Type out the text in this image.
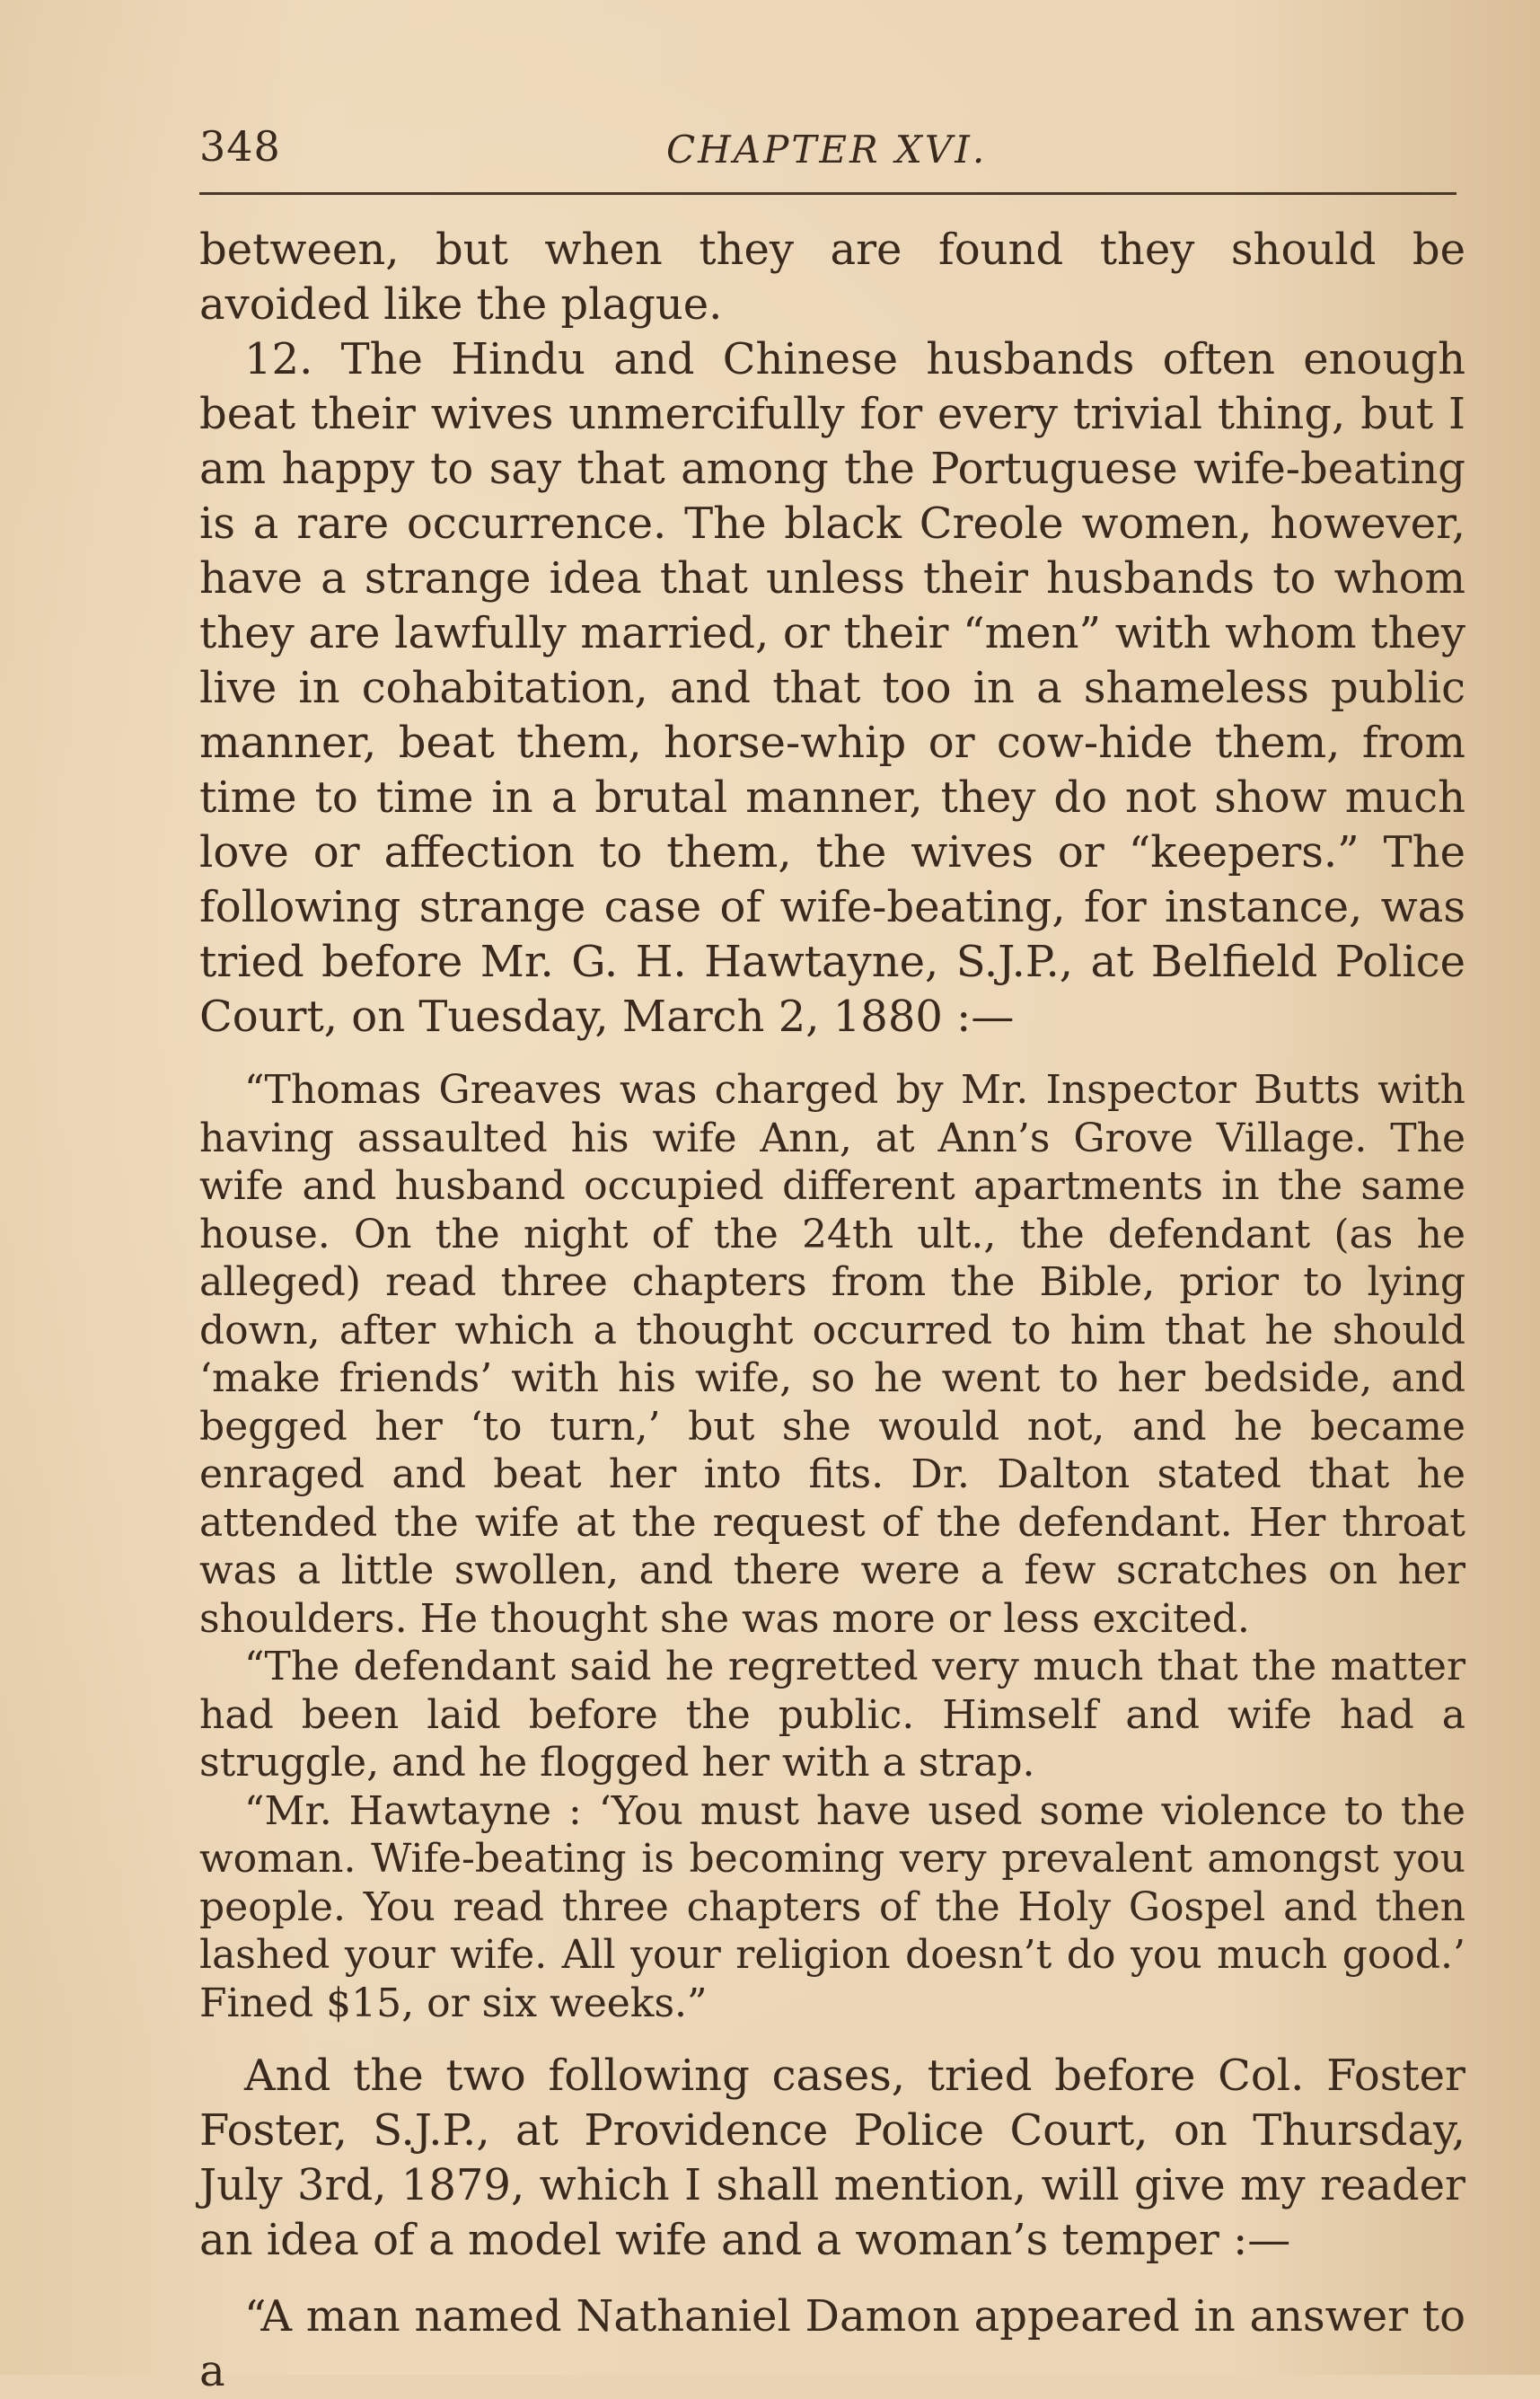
348	CHAPTER XVI.

between, but when they are found they should be avoided like the plague.

12. The Hindu and Chinese husbands often enough beat their wives unmercifully for every trivial thing, but I am happy to say that among the Portuguese wife-beating is a rare occurrence. The black Creole women, however, have a strange idea that unless their husbands to whom they are lawfully married, or their “men” with whom they live in cohabitation, and that too in a shameless public manner, beat them, horse-whip or cow-hide them, from time to time in a brutal manner, they do not show much love or affection to them, the wives or “keepers.” The following strange case of wife-beating, for instance, was tried before Mr. G. H. Hawtayne, S.J.P., at Belfield Police Court, on Tuesday, March 2, 1880 :—

“Thomas Greaves was charged by Mr. Inspector Butts with having assaulted his wife Ann, at Ann’s Grove Village. The wife and husband occupied different apartments in the same house. On the night of the 24th ult., the defendant (as he alleged) read three chapters from the Bible, prior to lying down, after which a thought occurred to him that he should ‘make friends’ with his wife, so he went to her bedside, and begged her ‘to turn,’ but she would not, and he became enraged and beat her into fits. Dr. Dalton stated that he attended the wife at the request of the defendant. Her throat was a little swollen, and there were a few scratches on her shoulders. He thought she was more or less excited.

“The defendant said he regretted very much that the matter had been laid before the public. Himself and wife had a struggle, and he flogged her with a strap.

“Mr. Hawtayne : ‘You must have used some violence to the woman. Wife-beating is becoming very prevalent amongst you people. You read three chapters of the Holy Gospel and then lashed your wife. All your religion doesn’t do you much good.’ Fined $15, or six weeks.”

And the two following cases, tried before Col. Foster Foster, S.J.P., at Providence Police Court, on Thursday, July 3rd, 1879, which I shall mention, will give my reader an idea of a model wife and a woman’s temper :—

“A man named Nathaniel Damon appeared in answer to a
